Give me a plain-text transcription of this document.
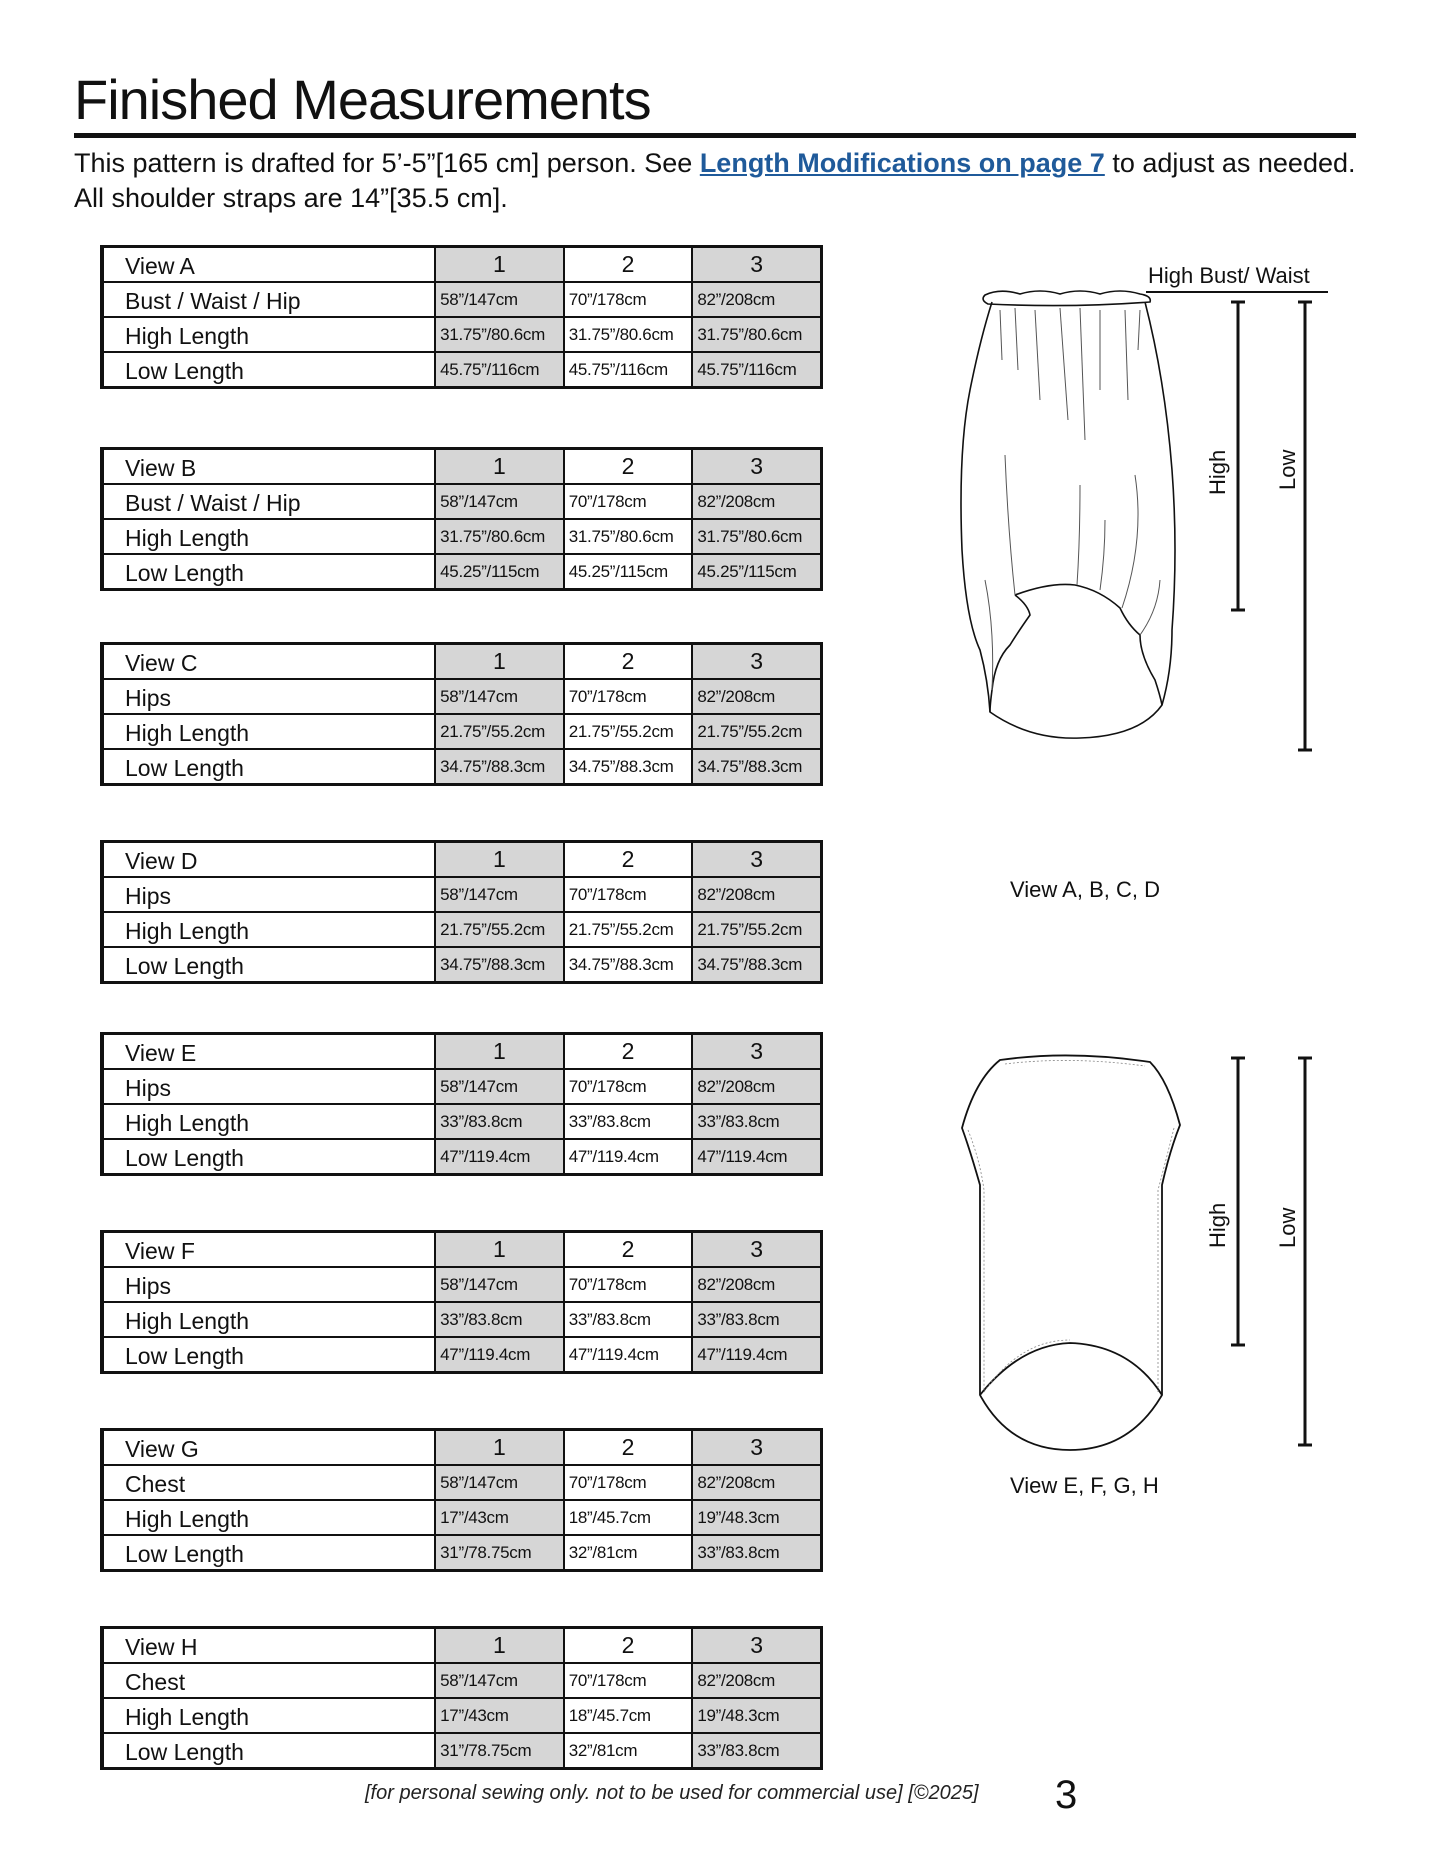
Finished Measurements
This pattern is drafted for 5’-5”[165 cm] person. See Length Modifications on page 7 to adjust as needed. All shoulder straps are 14”[35.5 cm].
View A	1	2	3
Bust / Waist / Hip	58”/147cm	70”/178cm	82”/208cm
High Length	31.75”/80.6cm	31.75”/80.6cm	31.75”/80.6cm
Low Length	45.75”/116cm	45.75”/116cm	45.75”/116cm
View B	1	2	3
Bust / Waist / Hip	58”/147cm	70”/178cm	82”/208cm
High Length	31.75”/80.6cm	31.75”/80.6cm	31.75”/80.6cm
Low Length	45.25”/115cm	45.25”/115cm	45.25”/115cm
View C	1	2	3
Hips	58”/147cm	70”/178cm	82”/208cm
High Length	21.75”/55.2cm	21.75”/55.2cm	21.75”/55.2cm
Low Length	34.75”/88.3cm	34.75”/88.3cm	34.75”/88.3cm
View D	1	2	3
Hips	58”/147cm	70”/178cm	82”/208cm
High Length	21.75”/55.2cm	21.75”/55.2cm	21.75”/55.2cm
Low Length	34.75”/88.3cm	34.75”/88.3cm	34.75”/88.3cm
View E	1	2	3
Hips	58”/147cm	70”/178cm	82”/208cm
High Length	33”/83.8cm	33”/83.8cm	33”/83.8cm
Low Length	47”/119.4cm	47”/119.4cm	47”/119.4cm
View F	1	2	3
Hips	58”/147cm	70”/178cm	82”/208cm
High Length	33”/83.8cm	33”/83.8cm	33”/83.8cm
Low Length	47”/119.4cm	47”/119.4cm	47”/119.4cm
View G	1	2	3
Chest	58”/147cm	70”/178cm	82”/208cm
High Length	17”/43cm	18”/45.7cm	19”/48.3cm
Low Length	31”/78.75cm	32”/81cm	33”/83.8cm
View H	1	2	3
Chest	58”/147cm	70”/178cm	82”/208cm
High Length	17”/43cm	18”/45.7cm	19”/48.3cm
Low Length	31”/78.75cm	32”/81cm	33”/83.8cm
High Bust/ Waist
High Low
View A, B, C, D
High Low
View E, F, G, H
[for personal sewing only. not to be used for commercial use] [©2025] 3
